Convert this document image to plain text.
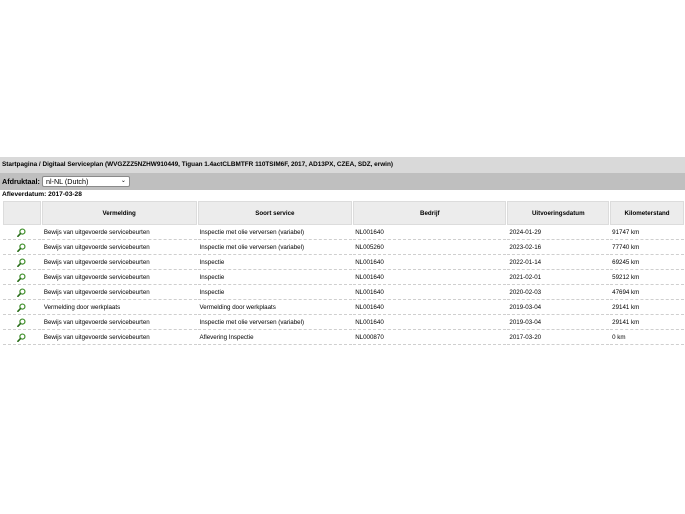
Startpagina / Digitaal Serviceplan (WVGZZZ5NZHW910449, Tiguan 1.4actCLBMTFR 110TSIM6F, 2017, AD13PX, CZEA, SDZ, erwin)
Afdruktaal: nl-NL (Dutch)	⌄
Afleverdatum: 2017-03-28
	Vermelding	Soort service	Bedrijf	Uitvoeringsdatum	Kilometerstand

	Bewijs van uitgevoerde servicebeurten	Inspectie met olie verversen (variabel)	NL001640	2024-01-29	91747 km

	Bewijs van uitgevoerde servicebeurten	Inspectie met olie verversen (variabel)	NL005260	2023-02-16	77740 km

	Bewijs van uitgevoerde servicebeurten	Inspectie	NL001640	2022-01-14	69245 km

	Bewijs van uitgevoerde servicebeurten	Inspectie	NL001640	2021-02-01	59212 km

	Bewijs van uitgevoerde servicebeurten	Inspectie	NL001640	2020-02-03	47694 km

	Vermelding door werkplaats	Vermelding door werkplaats	NL001640	2019-03-04	29141 km

	Bewijs van uitgevoerde servicebeurten	Inspectie met olie verversen (variabel)	NL001640	2019-03-04	29141 km

	Bewijs van uitgevoerde servicebeurten	Aflevering Inspectie	NL000870	2017-03-20	0 km
